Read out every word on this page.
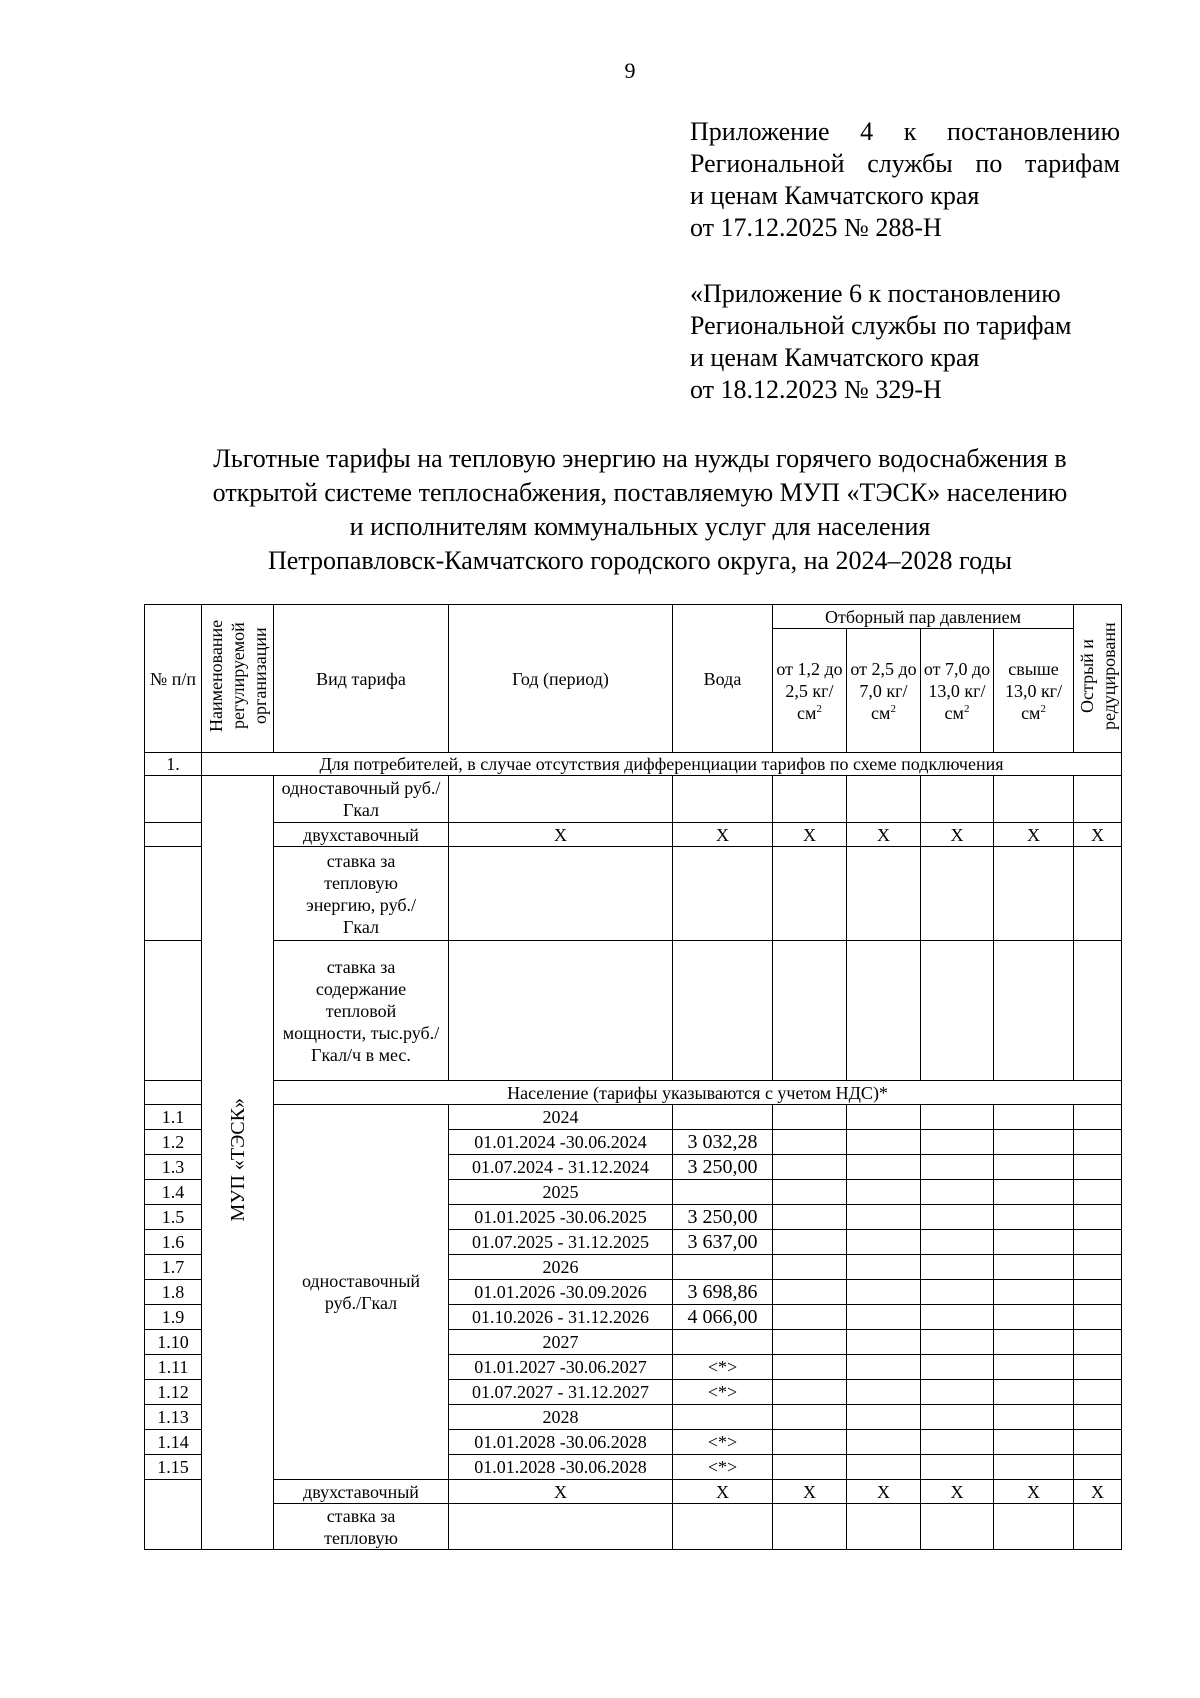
9
Приложение 4 к постановлению
Региональной службы по тарифам
и ценам Камчатского края
от 17.12.2025 № 288-Н
«Приложение 6 к постановлению
Региональной службы по тарифам
и ценам Камчатского края
от 18.12.2023 № 329-Н
Льготные тарифы на тепловую энергию на нужды горячего водоснабжения в
открытой системе теплоснабжения, поставляемую МУП «ТЭСК» населению
и исполнителям коммунальных услуг для населения
Петропавловск-Камчатского городского округа, на 2024–2028 годы
№ п/п	Наименование регулируемой организации	Вид тарифа	Год (период)	Вода	Отборный пар давлением				Острый и редуцированн
					от 1,2 до 2,5 $кг/см^2$	от 2,5 до 7,0 $кг/см^2$	от 7,0 до 13,0 $кг/см^2$	свыше 13,0 $кг/см^2$
1.	Для потребителей, в случае отсутствия дифференциации тарифов по схеме подключения								
	МУП «ТЭСК»	одноставочный руб./Гкал							
		двухставочный	X	X	X	X	X	X	X
		ставка за тепловую энергию, руб./Гкал							
		ставка за содержание тепловой мощности, тыс.руб./Гкал/ч в мес.							
		Население (тарифы указываются с учетом НДС)*							
1.1		одноставочный руб./Гкал	2024						
1.2			01.01.2024 -30.06.2024	3 032,28					
1.3			01.07.2024 - 31.12.2024	3 250,00					
1.4			2025						
1.5			01.01.2025 -30.06.2025	3 250,00					
1.6			01.07.2025 - 31.12.2025	3 637,00					
1.7			2026						
1.8			01.01.2026 -30.09.2026	3 698,86					
1.9			01.10.2026 - 31.12.2026	4 066,00					
1.10			2027						
1.11			01.01.2027 -30.06.2027	<*>					
1.12			01.07.2027 - 31.12.2027	<*>					
1.13			2028						
1.14			01.01.2028 -30.06.2028	<*>					
1.15			01.01.2028 -30.06.2028	<*>					
		двухставочный	X	X	X	X	X	X	X
		ставка за тепловую							
